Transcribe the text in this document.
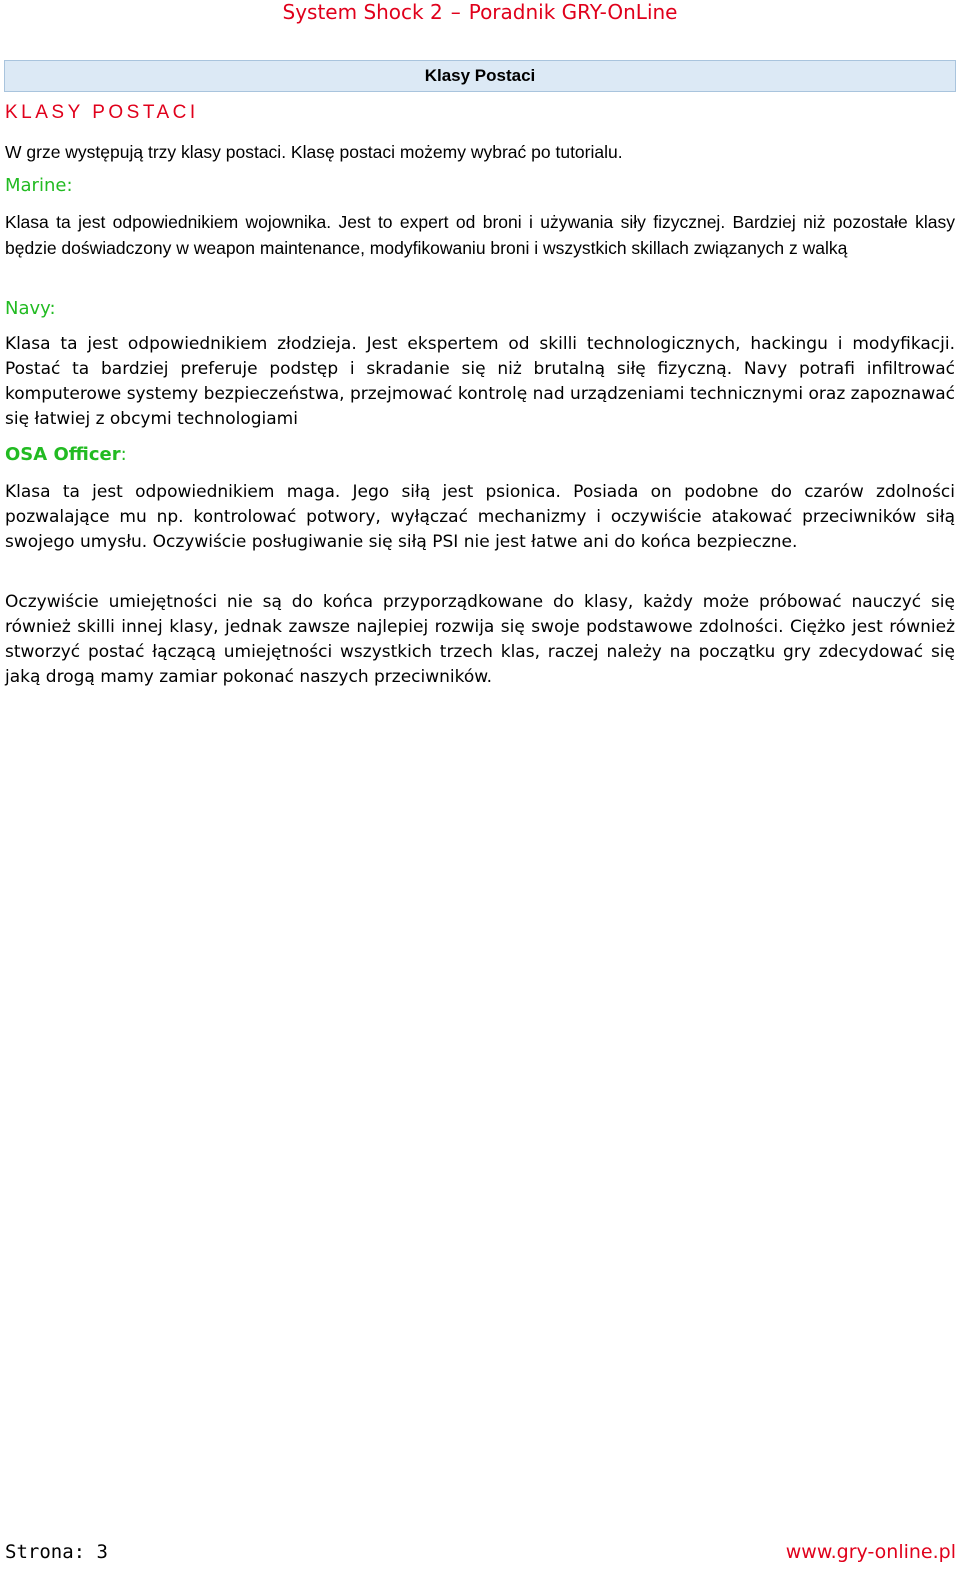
System Shock 2 – Poradnik GRY-OnLine
Klasy Postaci
KLASY POSTACI

W grze występują trzy klasy postaci. Klasę postaci możemy wybrać po tutorialu.

Marine:

Klasa ta jest odpowiednikiem wojownika. Jest to expert od broni i używania siły fizycznej. Bardziej niż pozostałe klasy będzie doświadczony w weapon maintenance, modyfikowaniu broni i wszystkich skillach związanych z walką

Navy:

Klasa ta jest odpowiednikiem złodzieja. Jest ekspertem od skilli technologicznych, hackingu i modyfikacji. Postać ta bardziej preferuje podstęp i skradanie się niż brutalną siłę fizyczną. Navy potrafi infiltrować komputerowe systemy bezpieczeństwa, przejmować kontrolę nad urządzeniami technicznymi oraz zapoznawać się łatwiej z obcymi technologiami

OSA Officer:

Klasa ta jest odpowiednikiem maga. Jego siłą jest psionica. Posiada on podobne do czarów zdolności pozwalające mu np. kontrolować potwory, wyłączać mechanizmy i oczywiście atakować przeciwników siłą swojego umysłu. Oczywiście posługiwanie się siłą PSI nie jest łatwe ani do końca bezpieczne.

Oczywiście umiejętności nie są do końca przyporządkowane do klasy, każdy może próbować nauczyć się również skilli innej klasy, jednak zawsze najlepiej rozwija się swoje podstawowe zdolności. Ciężko jest również stworzyć postać łączącą umiejętności wszystkich trzech klas, raczej należy na początku gry zdecydować się jaką drogą mamy zamiar pokonać naszych przeciwników.

Strona: 3	www.gry-online.pl
